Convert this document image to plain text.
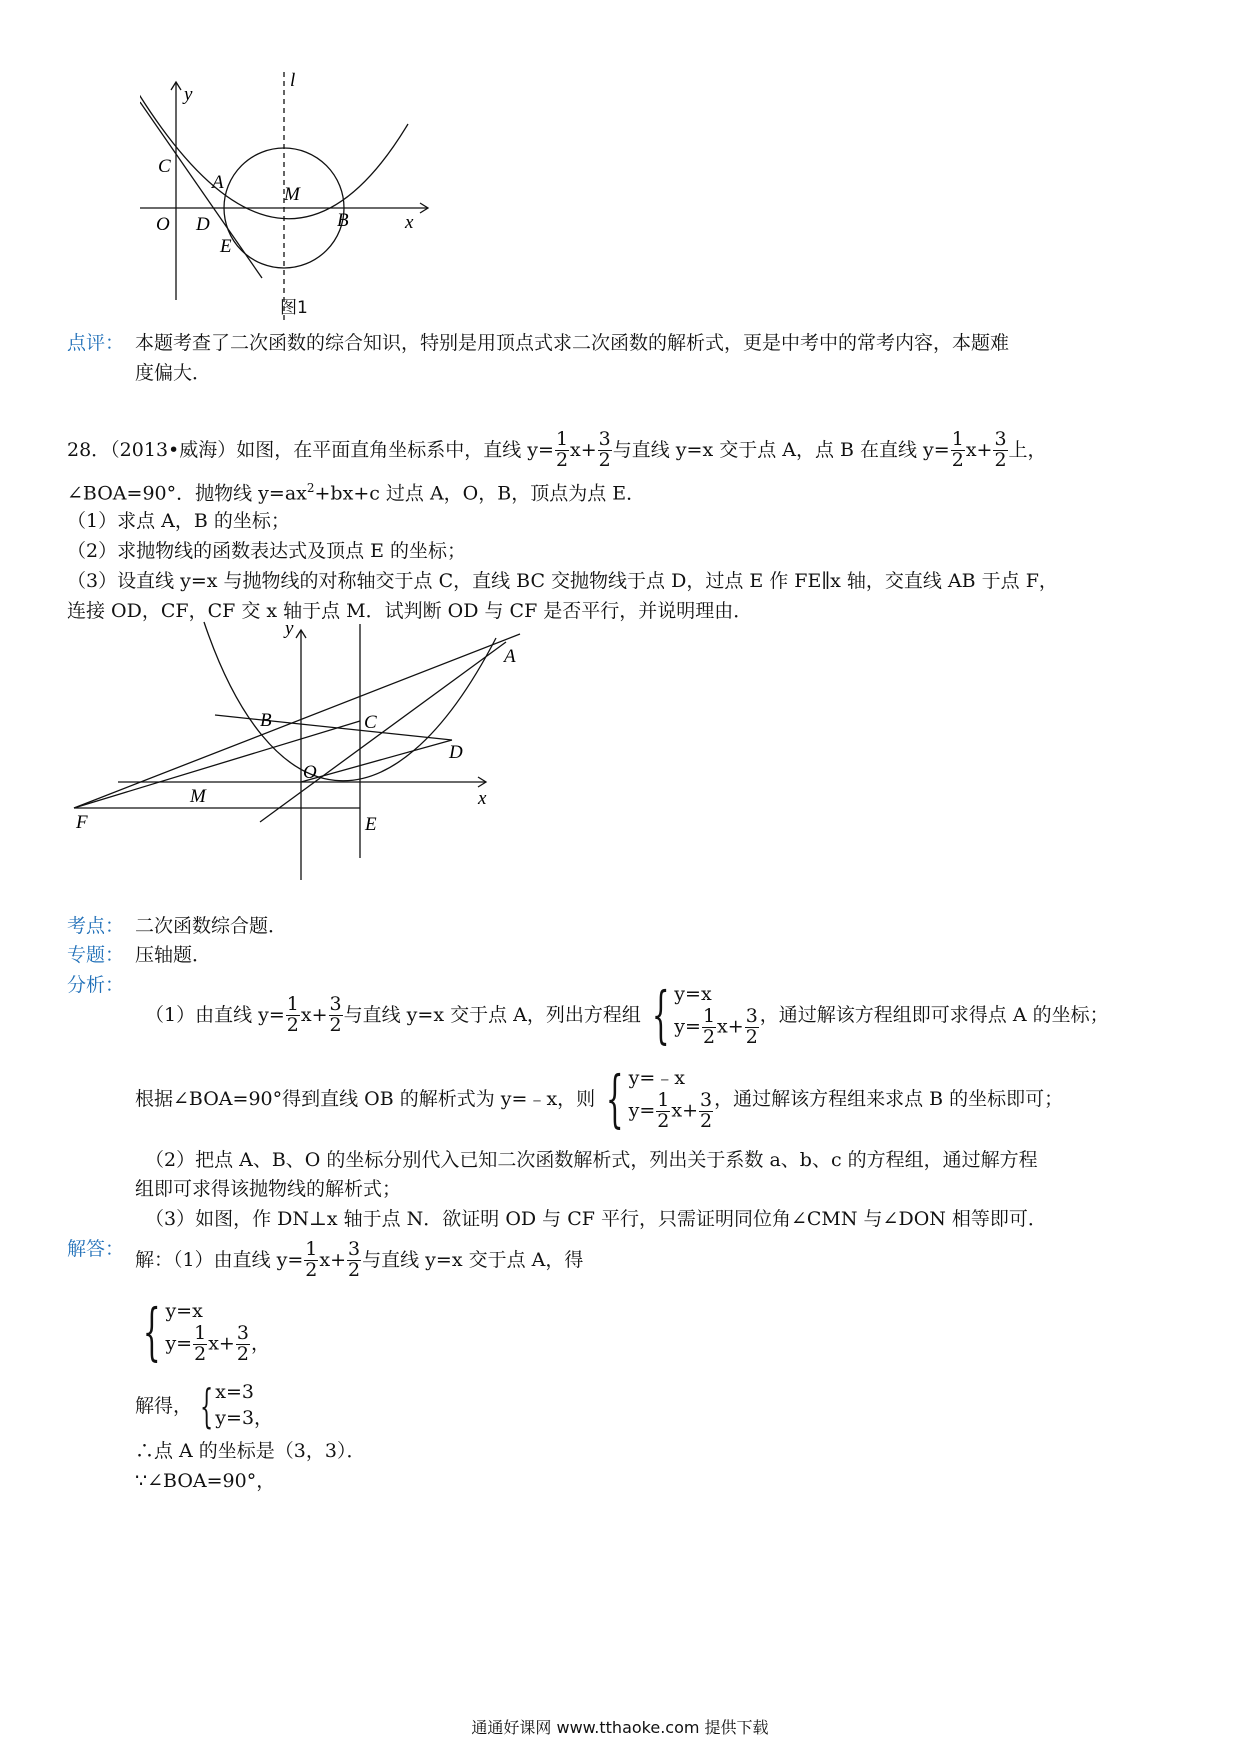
y
l
C
A
M
O D	B	x
E
图1
点评： 本题考查了二次函数的综合知识，特别是用顶点式求二次函数的解析式，更是中考中的常考内容，本题难
度偏大．
28．（2013•威海）如图，在平面直角坐标系中，直线 $y= \frac{1}{2} x+ \frac{3}{2}$ 与直线 y=x 交于点 A，点 B 在直线 $y= \frac{1}{2} x+ \frac{3}{2}$ 上，
∠BOA=90°．抛物线 $y=ax^2+bx+c$ 过点 A，O，B，顶点为点 E．
（1）求点 A，B 的坐标；
（2）求抛物线的函数表达式及顶点 E 的坐标；
（3）设直线 y=x 与抛物线的对称轴交于点 C，直线 BC 交抛物线于点 D，过点 E 作 FE∥x 轴，交直线 AB 于点 F，
连接 OD，CF，CF 交 x 轴于点 M．试判断 OD 与 CF 是否平行，并说明理由．
y
A
B	C
D
O
M	x
F	E
考点： 二次函数综合题．
专题： 压轴题．
分析：
（1）由直线 $y= \frac{1}{2} x+ \frac{3}{2}$ 与直线 y=x 交于点 A，列出方程组 { y=x
$y= \frac{1}{2} x+ \frac{3}{2}$ ，通过解该方程组即可求得点 A 的坐标；
根据∠BOA=90°得到直线 OB 的解析式为 y=﹣x，则 { y=﹣x
$y= \frac{1}{2} x+ \frac{3}{2}$ ，通过解该方程组来求点 B 的坐标即可；
（2）把点 A、B、O 的坐标分别代入已知二次函数解析式，列出关于系数 a、b、c 的方程组，通过解方程
组即可求得该抛物线的解析式；
（3）如图，作 DN⊥x 轴于点 N．欲证明 OD 与 CF 平行，只需证明同位角∠CMN 与∠DON 相等即可．
解答： 解：（1）由直线 $y= \frac{1}{2} x+ \frac{3}{2}$ 与直线 y=x 交于点 A，得
{ y=x
$y= \frac{1}{2} x+ \frac{3}{2}$ ，
解得， { x=3
y=3，
∴点 A 的坐标是（3，3）．
∵∠BOA=90°，
通通好课网 www.tthaoke.com 提供下载
